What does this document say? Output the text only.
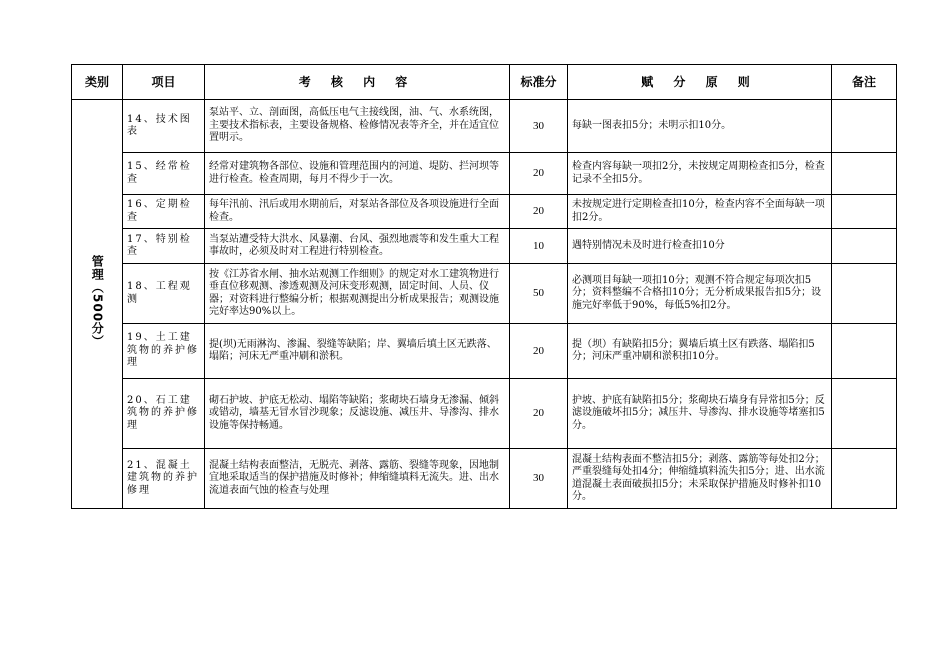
类别	项目	考 核 内 容	标准分	赋 分 原 则	备注
管理（500分）	14、技术图表	泵站平、立、剖面图，高低压电气主接线图，油、气、水系统图，主要技术指标表，主要设备规格、检修情况表等齐全，并在适宜位置明示。	30	每缺一图表扣5分；未明示扣10分。	
	15、经常检查	经常对建筑物各部位、设施和管理范围内的河道、堤防、拦河坝等进行检查。检查周期，每月不得少于一次。	20	检查内容每缺一项扣2分，未按规定周期检查扣5分，检查记录不全扣5分。	
	16、定期检查	每年汛前、汛后或用水期前后，对泵站各部位及各项设施进行全面检查。	20	未按规定进行定期检查扣10分，检查内容不全面每缺一项扣2分。	
	17、特别检查	当泵站遭受特大洪水、风暴潮、台风、强烈地震等和发生重大工程事故时，必须及时对工程进行特别检查。	10	遇特别情况未及时进行检查扣10分	
	18、工程观测	按《江苏省水闸、抽水站观测工作细则》的规定对水工建筑物进行垂直位移观测、渗透观测及河床变形观测，固定时间、人员、仪器；对资料进行整编分析；根据观测提出分析成果报告；观测设施完好率达90%以上。	50	必测项目每缺一项扣10分；观测不符合规定每项次扣5分；资料整编不合格扣10分；无分析成果报告扣5分；设施完好率低于90%，每低5%扣2分。	
	19、土工建筑物的养护修理	提(坝)无雨淋沟、渗漏、裂缝等缺陷；岸、翼墙后填土区无跌落、塌陷；河床无严重冲刷和淤积。	20	提（坝）有缺陷扣5分；翼墙后填土区有跌落、塌陷扣5分；河床严重冲刷和淤积扣10分。	
	20、石工建筑物的养护修理	砌石护坡、护底无松动、塌陷等缺陷；浆砌块石墙身无渗漏、倾斜或错动，墙基无冒水冒沙现象；反滤设施、减压井、导渗沟、排水设施等保持畅通。	20	护坡、护底有缺陷扣5分；浆砌块石墙身有异常扣5分；反滤设施破坏扣5分；减压井、导渗沟、排水设施等堵塞扣5分。	
	21、混凝土建筑物的养护修理	混凝土结构表面整洁，无脱壳、剥落、露筋、裂缝等现象，因地制宜地采取适当的保护措施及时修补；伸缩缝填料无流失。进、出水流道表面气蚀的检查与处理	30	混凝土结构表面不整洁扣5分；剥落、露筋等每处扣2分；严重裂缝每处扣4分；伸缩缝填料流失扣5分；进、出水流道混凝土表面破损扣5分；未采取保护措施及时修补扣10分。	
